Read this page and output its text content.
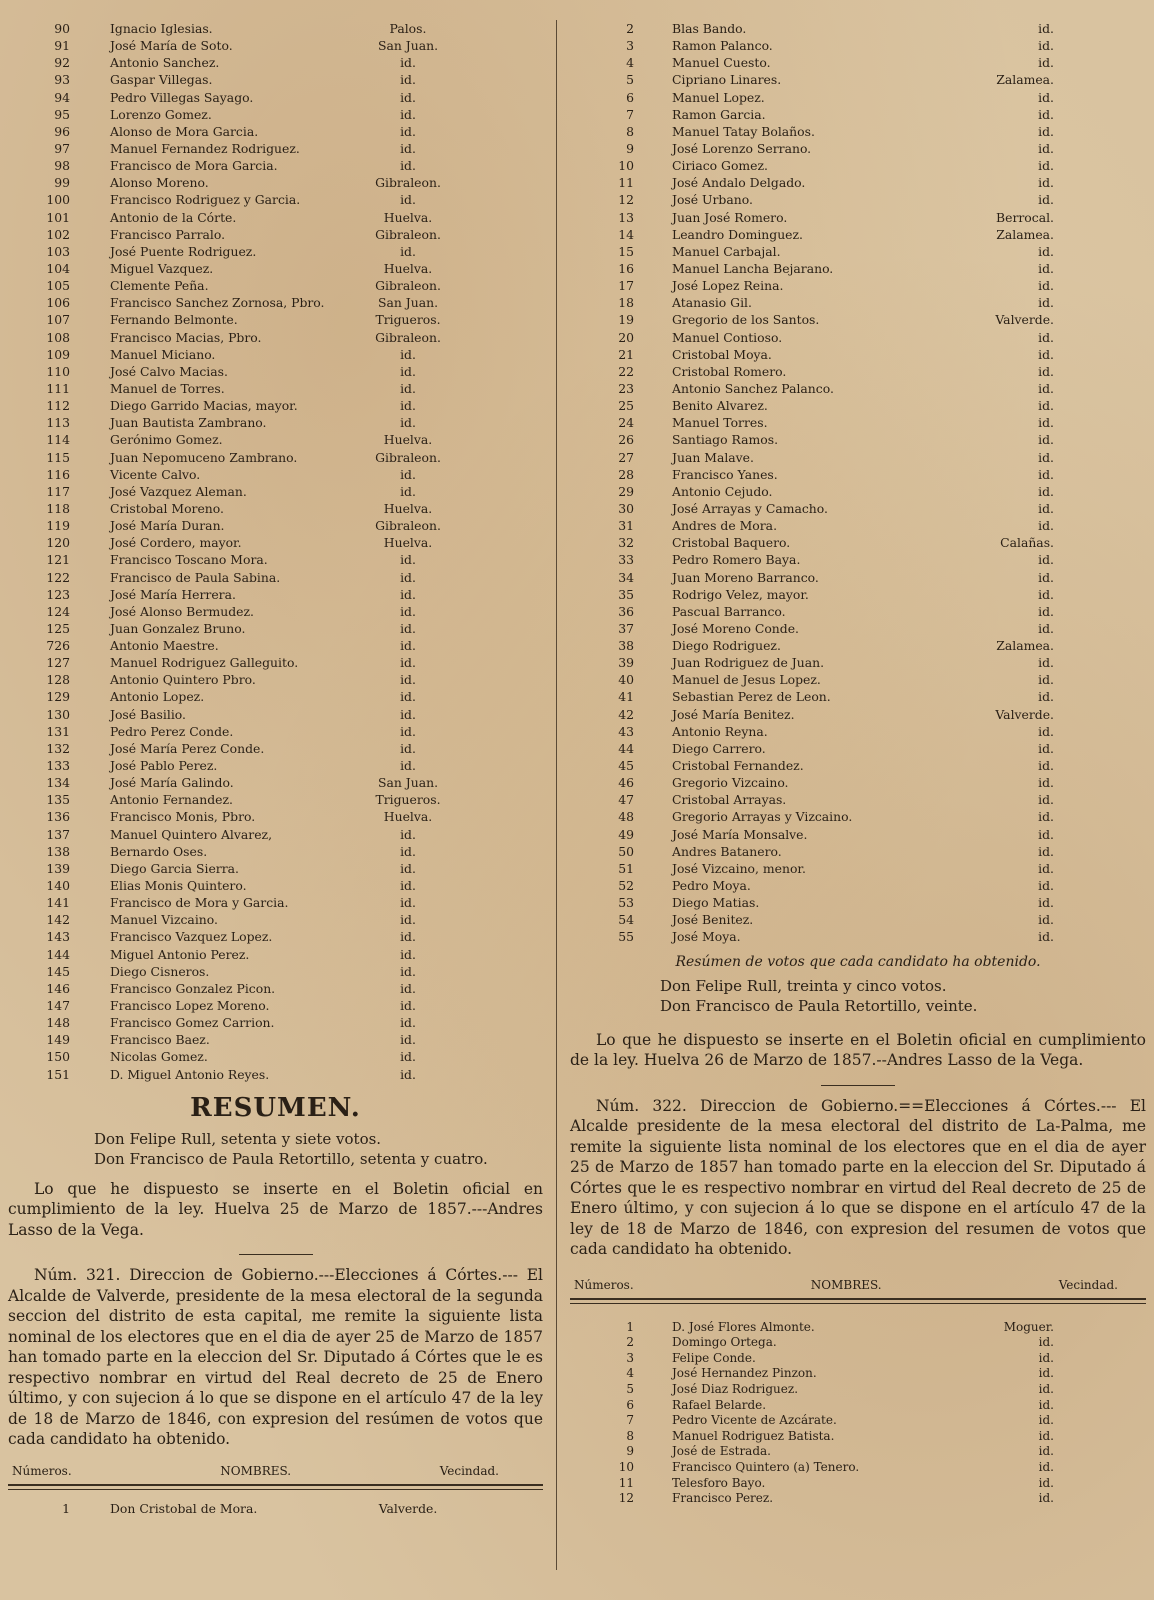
90	Ignacio Iglesias.	Palos.
91	José María de Soto.	San Juan.
92	Antonio Sanchez.	id.
93	Gaspar Villegas.	id.
94	Pedro Villegas Sayago.	id.
95	Lorenzo Gomez.	id.
96	Alonso de Mora Garcia.	id.
97	Manuel Fernandez Rodriguez.	id.
98	Francisco de Mora Garcia.	id.
99	Alonso Moreno.	Gibraleon.
100	Francisco Rodriguez y Garcia.	id.
101	Antonio de la Córte.	Huelva.
102	Francisco Parralo.	Gibraleon.
103	José Puente Rodriguez.	id.
104	Miguel Vazquez.	Huelva.
105	Clemente Peña.	Gibraleon.
106	Francisco Sanchez Zornosa, Pbro.	San Juan.
107	Fernando Belmonte.	Trigueros.
108	Francisco Macias, Pbro.	Gibraleon.
109	Manuel Miciano.	id.
110	José Calvo Macias.	id.
111	Manuel de Torres.	id.
112	Diego Garrido Macias, mayor.	id.
113	Juan Bautista Zambrano.	id.
114	Gerónimo Gomez.	Huelva.
115	Juan Nepomuceno Zambrano.	Gibraleon.
116	Vicente Calvo.	id.
117	José Vazquez Aleman.	id.
118	Cristobal Moreno.	Huelva.
119	José María Duran.	Gibraleon.
120	José Cordero, mayor.	Huelva.
121	Francisco Toscano Mora.	id.
122	Francisco de Paula Sabina.	id.
123	José María Herrera.	id.
124	José Alonso Bermudez.	id.
125	Juan Gonzalez Bruno.	id.
726	Antonio Maestre.	id.
127	Manuel Rodriguez Galleguito.	id.
128	Antonio Quintero Pbro.	id.
129	Antonio Lopez.	id.
130	José Basilio.	id.
131	Pedro Perez Conde.	id.
132	José María Perez Conde.	id.
133	José Pablo Perez.	id.
134	José María Galindo.	San Juan.
135	Antonio Fernandez.	Trigueros.
136	Francisco Monis, Pbro.	Huelva.
137	Manuel Quintero Alvarez,	id.
138	Bernardo Oses.	id.
139	Diego Garcia Sierra.	id.
140	Elias Monis Quintero.	id.
141	Francisco de Mora y Garcia.	id.
142	Manuel Vizcaino.	id.
143	Francisco Vazquez Lopez.	id.
144	Miguel Antonio Perez.	id.
145	Diego Cisneros.	id.
146	Francisco Gonzalez Picon.	id.
147	Francisco Lopez Moreno.	id.
148	Francisco Gomez Carrion.	id.
149	Francisco Baez.	id.
150	Nicolas Gomez.	id.
151	D. Miguel Antonio Reyes.	id.
RESUMEN.

Don Felipe Rull, setenta y siete votos.

Don Francisco de Paula Retortillo, setenta y cuatro.

Lo que he dispuesto se inserte en el Boletin oficial en cumplimiento de la ley. Huelva 25 de Marzo de 1857.---Andres Lasso de la Vega.

Núm. 321. Direccion de Gobierno.---Elecciones á Córtes.--- El Alcalde de Valverde, presidente de la mesa electoral de la segunda seccion del distrito de esta capital, me remite la siguiente lista nominal de los electores que en el dia de ayer 25 de Marzo de 1857 han tomado parte en la eleccion del Sr. Diputado á Córtes que le es respectivo nombrar en virtud del Real decreto de 25 de Enero último, y con sujecion á lo que se dispone en el artículo 47 de la ley de 18 de Marzo de 1846, con expresion del resúmen de votos que cada candidato ha obtenido.

Números.	NOMBRES.	Vecindad.
1	Don Cristobal de Mora.	Valverde.
2	Blas Bando.	id.
3	Ramon Palanco.	id.
4	Manuel Cuesto.	id.
5	Cipriano Linares.	Zalamea.
6	Manuel Lopez.	id.
7	Ramon Garcia.	id.
8	Manuel Tatay Bolaños.	id.
9	José Lorenzo Serrano.	id.
10	Ciriaco Gomez.	id.
11	José Andalo Delgado.	id.
12	José Urbano.	id.
13	Juan José Romero.	Berrocal.
14	Leandro Dominguez.	Zalamea.
15	Manuel Carbajal.	id.
16	Manuel Lancha Bejarano.	id.
17	José Lopez Reina.	id.
18	Atanasio Gil.	id.
19	Gregorio de los Santos.	Valverde.
20	Manuel Contioso.	id.
21	Cristobal Moya.	id.
22	Cristobal Romero.	id.
23	Antonio Sanchez Palanco.	id.
25	Benito Alvarez.	id.
24	Manuel Torres.	id.
26	Santiago Ramos.	id.
27	Juan Malave.	id.
28	Francisco Yanes.	id.
29	Antonio Cejudo.	id.
30	José Arrayas y Camacho.	id.
31	Andres de Mora.	id.
32	Cristobal Baquero.	Calañas.
33	Pedro Romero Baya.	id.
34	Juan Moreno Barranco.	id.
35	Rodrigo Velez, mayor.	id.
36	Pascual Barranco.	id.
37	José Moreno Conde.	id.
38	Diego Rodriguez.	Zalamea.
39	Juan Rodriguez de Juan.	id.
40	Manuel de Jesus Lopez.	id.
41	Sebastian Perez de Leon.	id.
42	José María Benitez.	Valverde.
43	Antonio Reyna.	id.
44	Diego Carrero.	id.
45	Cristobal Fernandez.	id.
46	Gregorio Vizcaino.	id.
47	Cristobal Arrayas.	id.
48	Gregorio Arrayas y Vizcaino.	id.
49	José María Monsalve.	id.
50	Andres Batanero.	id.
51	José Vizcaino, menor.	id.
52	Pedro Moya.	id.
53	Diego Matias.	id.
54	José Benitez.	id.
55	José Moya.	id.
Resúmen de votos que cada candidato ha obtenido.

Don Felipe Rull, treinta y cinco votos.

Don Francisco de Paula Retortillo, veinte.

Lo que he dispuesto se inserte en el Boletin oficial en cumplimiento de la ley. Huelva 26 de Marzo de 1857.--Andres Lasso de la Vega.

Núm. 322. Direccion de Gobierno.==Elecciones á Córtes.--- El Alcalde presidente de la mesa electoral del distrito de La-Palma, me remite la siguiente lista nominal de los electores que en el dia de ayer 25 de Marzo de 1857 han tomado parte en la eleccion del Sr. Diputado á Córtes que le es respectivo nombrar en virtud del Real decreto de 25 de Enero último, y con sujecion á lo que se dispone en el artículo 47 de la ley de 18 de Marzo de 1846, con expresion del resumen de votos que cada candidato ha obtenido.

Números.	NOMBRES.	Vecindad.
1	D. José Flores Almonte.	Moguer.
2	Domingo Ortega.	id.
3	Felipe Conde.	id.
4	José Hernandez Pinzon.	id.
5	José Diaz Rodriguez.	id.
6	Rafael Belarde.	id.
7	Pedro Vicente de Azcárate.	id.
8	Manuel Rodriguez Batista.	id.
9	José de Estrada.	id.
10	Francisco Quintero (a) Tenero.	id.
11	Telesforo Bayo.	id.
12	Francisco Perez.	id.
